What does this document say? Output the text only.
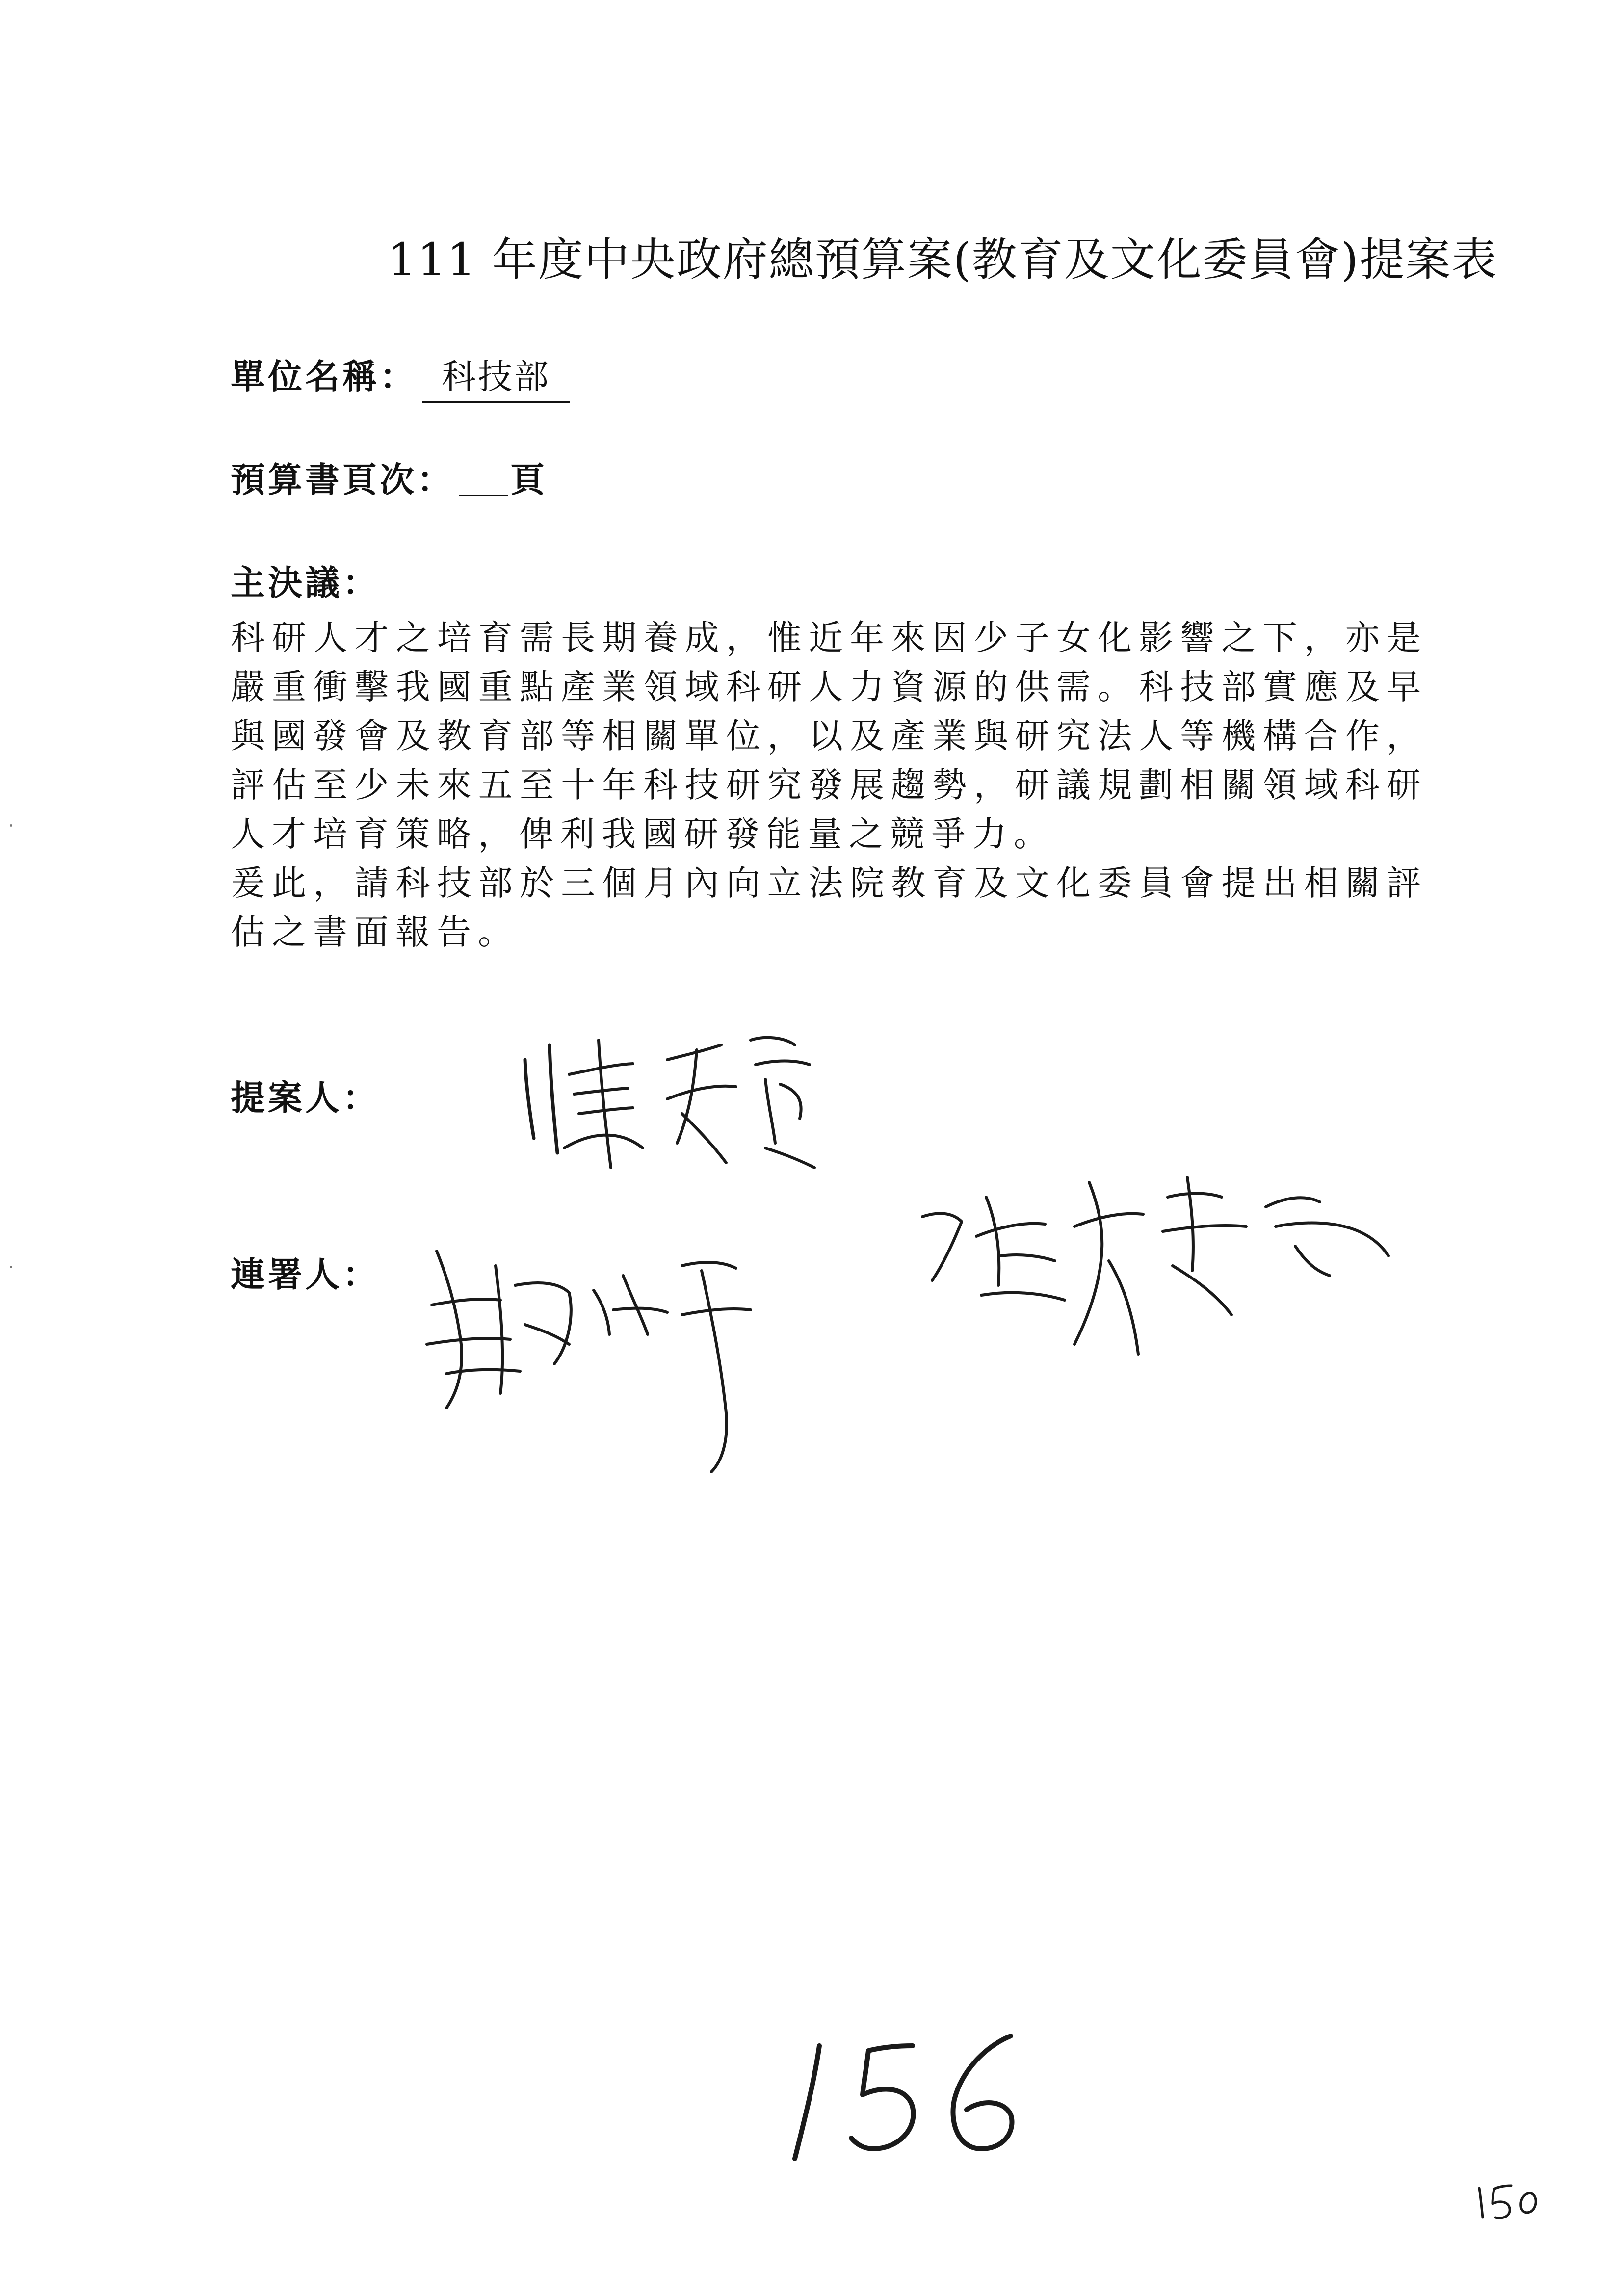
111 年度中央政府總預算案(教育及文化委員會)提案表
單位名稱： 科技部
預算書頁次： 頁
主決議：

科研人才之培育需長期養成，惟近年來因少子女化影響之下，亦是嚴重衝擊我國重點產業領域科研人力資源的供需。科技部實應及早與國發會及教育部等相關單位，以及產業與研究法人等機構合作，評估至少未來五至十年科技研究發展趨勢，研議規劃相關領域科研人才培育策略，俾利我國研發能量之競爭力。

爰此，請科技部於三個月內向立法院教育及文化委員會提出相關評估之書面報告。

提案人：
連署人：
